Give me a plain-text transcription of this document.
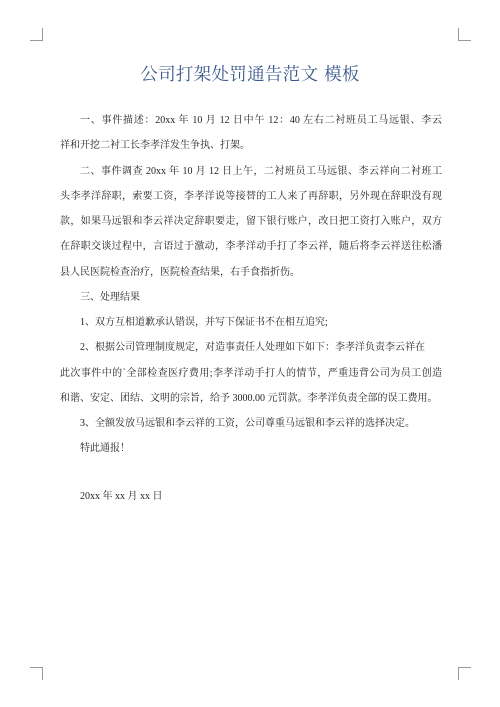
公司打架处罚通告范文 模板
一、事件描述：20xx 年 10 月 12 日中午 12：40 左右二衬班员工马远银、李云
祥和开挖二衬工长李孝洋发生争执、打架。
二、事件调查 20xx 年 10 月 12 日上午，二衬班员工马远银、李云祥向二衬班工
头李孝洋辞职，索要工资，李孝洋说等接替的工人来了再辞职，另外现在辞职没有现
款，如果马远银和李云祥决定辞职要走，留下银行账户，改日把工资打入账户，双方
在辞职交谈过程中，言语过于激动，李孝洋动手打了李云祥，随后将李云祥送往松潘
县人民医院检查治疗，医院检查结果，右手食指折伤。
三、处理结果
1、双方互相道歉承认错误，并写下保证书不在相互追究;
2、根据公司管理制度规定，对造事责任人处理如下如下：李孝洋负责李云祥在
此次事件中的`全部检查医疗费用;李孝洋动手打人的情节，严重违背公司为员工创造
和谐、安定、团结、文明的宗旨，给予 3000.00 元罚款。李孝洋负责全部的误工费用。
3、全额发放马远银和李云祥的工资，公司尊重马远银和李云祥的选择决定。
特此通报！
20xx 年 xx 月 xx 日
